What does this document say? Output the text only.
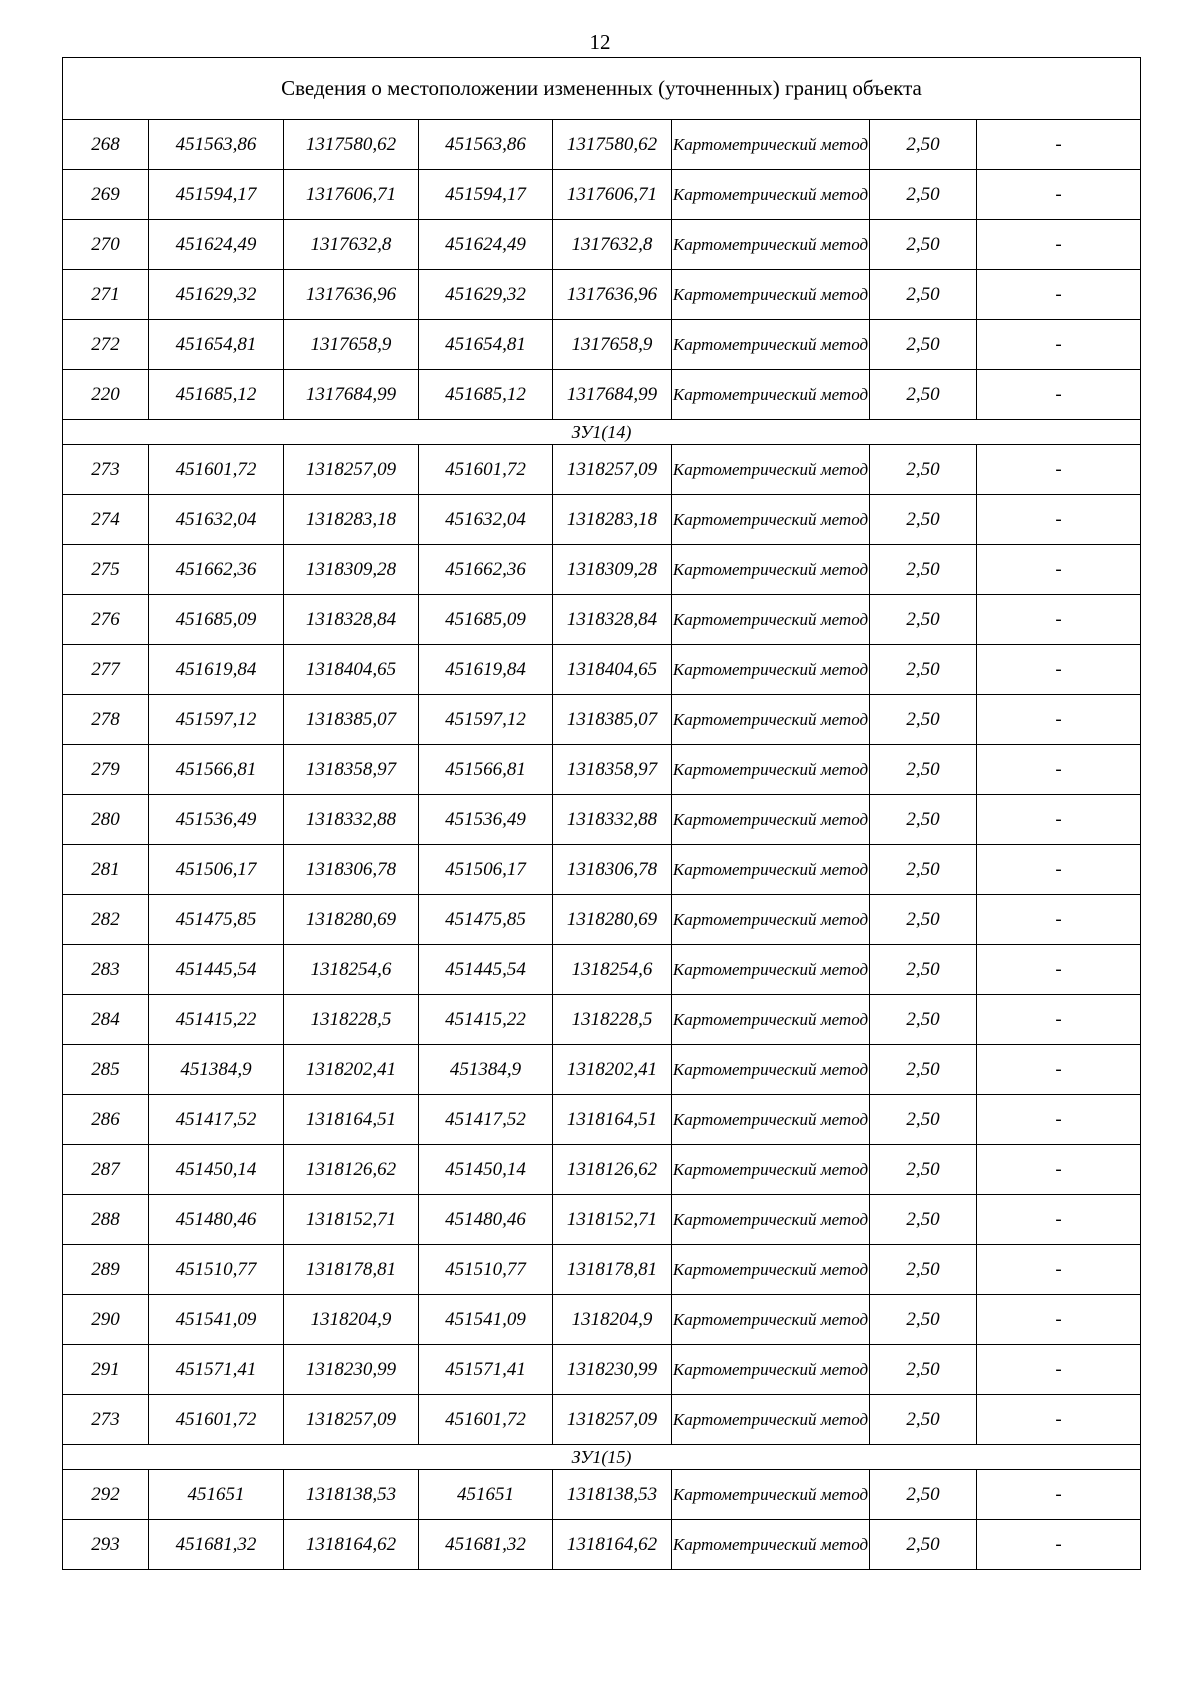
12
Сведения о местоположении измененных (уточненных) границ объекта							
268	451563,86	1317580,62	451563,86	1317580,62	Картометрический метод	2,50	-
269	451594,17	1317606,71	451594,17	1317606,71	Картометрический метод	2,50	-
270	451624,49	1317632,8	451624,49	1317632,8	Картометрический метод	2,50	-
271	451629,32	1317636,96	451629,32	1317636,96	Картометрический метод	2,50	-
272	451654,81	1317658,9	451654,81	1317658,9	Картометрический метод	2,50	-
220	451685,12	1317684,99	451685,12	1317684,99	Картометрический метод	2,50	-
ЗУ1(14)							
273	451601,72	1318257,09	451601,72	1318257,09	Картометрический метод	2,50	-
274	451632,04	1318283,18	451632,04	1318283,18	Картометрический метод	2,50	-
275	451662,36	1318309,28	451662,36	1318309,28	Картометрический метод	2,50	-
276	451685,09	1318328,84	451685,09	1318328,84	Картометрический метод	2,50	-
277	451619,84	1318404,65	451619,84	1318404,65	Картометрический метод	2,50	-
278	451597,12	1318385,07	451597,12	1318385,07	Картометрический метод	2,50	-
279	451566,81	1318358,97	451566,81	1318358,97	Картометрический метод	2,50	-
280	451536,49	1318332,88	451536,49	1318332,88	Картометрический метод	2,50	-
281	451506,17	1318306,78	451506,17	1318306,78	Картометрический метод	2,50	-
282	451475,85	1318280,69	451475,85	1318280,69	Картометрический метод	2,50	-
283	451445,54	1318254,6	451445,54	1318254,6	Картометрический метод	2,50	-
284	451415,22	1318228,5	451415,22	1318228,5	Картометрический метод	2,50	-
285	451384,9	1318202,41	451384,9	1318202,41	Картометрический метод	2,50	-
286	451417,52	1318164,51	451417,52	1318164,51	Картометрический метод	2,50	-
287	451450,14	1318126,62	451450,14	1318126,62	Картометрический метод	2,50	-
288	451480,46	1318152,71	451480,46	1318152,71	Картометрический метод	2,50	-
289	451510,77	1318178,81	451510,77	1318178,81	Картометрический метод	2,50	-
290	451541,09	1318204,9	451541,09	1318204,9	Картометрический метод	2,50	-
291	451571,41	1318230,99	451571,41	1318230,99	Картометрический метод	2,50	-
273	451601,72	1318257,09	451601,72	1318257,09	Картометрический метод	2,50	-
ЗУ1(15)							
292	451651	1318138,53	451651	1318138,53	Картометрический метод	2,50	-
293	451681,32	1318164,62	451681,32	1318164,62	Картометрический метод	2,50	-
